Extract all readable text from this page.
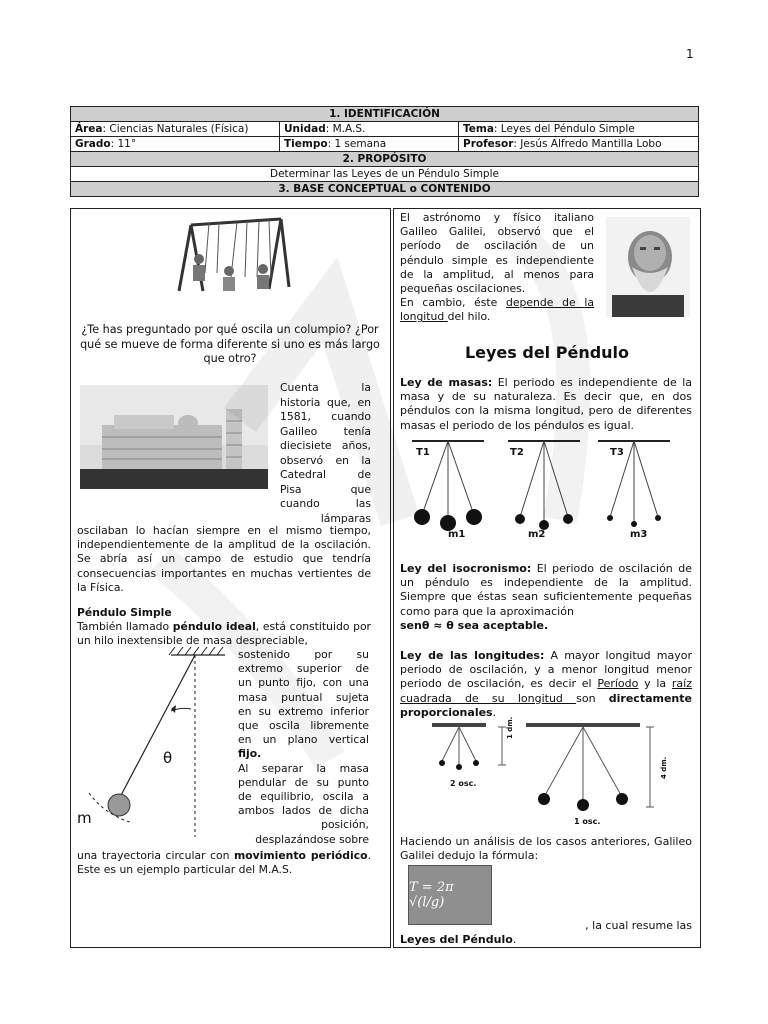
1
1. IDENTIFICACIÓN		
Área: Ciencias Naturales (Física)	Unidad: M.A.S.	Tema: Leyes del Péndulo Simple
Grado: 11°	Tiempo: 1 semana	Profesor: Jesús Alfredo Mantilla Lobo
2. PROPÓSITO		
Determinar las Leyes de un Péndulo Simple		
3. BASE CONCEPTUAL o CONTENIDO		
¿Te has preguntado por qué oscila un columpio? ¿Por qué se mueve de forma diferente si uno es más largo que otro?
Cuenta la
historia que, en
1581, cuando
Galileo tenía
diecisiete años,
observó en la
Catedral de
Pisa que
cuando las
lámparas
oscilaban lo hacían siempre en el mismo tiempo, independientemente de la amplitud de la oscilación. Se abría así un campo de estudio que tendría consecuencias importantes en muchas vertientes de la Física.
Péndulo Simple
También llamado péndulo ideal, está constituido por un hilo inextensible de masa despreciable,
θ
m
sostenido por su
extremo superior de
un punto fijo, con una
masa puntual sujeta
en su extremo inferior
que oscila libremente
en un plano vertical
fijo.
Al separar la masa
pendular de su punto
de equilibrio, oscila a
ambos lados de dicha
posición,
desplazándose sobre
una trayectoria circular con movimiento periódico. Este es un ejemplo particular del M.A.S.
El astrónomo y físico italiano Galileo Galilei, observó que el período de oscilación de un péndulo simple es independiente de la amplitud, al menos para pequeñas oscilaciones.
En cambio, éste depende de la longitud del hilo.
Leyes del Péndulo
Ley de masas: El periodo es independiente de la masa y de su naturaleza. Es decir que, en dos péndulos con la misma longitud, pero de diferentes masas el periodo de los péndulos es igual.
T1	T2	T3
m1	m2	m3
Ley del isocronismo: El periodo de oscilación de un péndulo es independiente de la amplitud. Siempre que éstas sean suficientemente pequeñas como para que la aproximación
senθ ≈ θ sea aceptable.
Ley de las longitudes: A mayor longitud mayor periodo de oscilación, y a menor longitud menor periodo de oscilación, es decir el Período y la raíz cuadrada de su longitud son directamente proporcionales.
1 dm.
4 dm.
2 osc.
1 osc.
Haciendo un análisis de los casos anteriores, Galileo Galilei dedujo la fórmula:
T = 2π √(l/g)
, la cual resume las
Leyes del Péndulo.
